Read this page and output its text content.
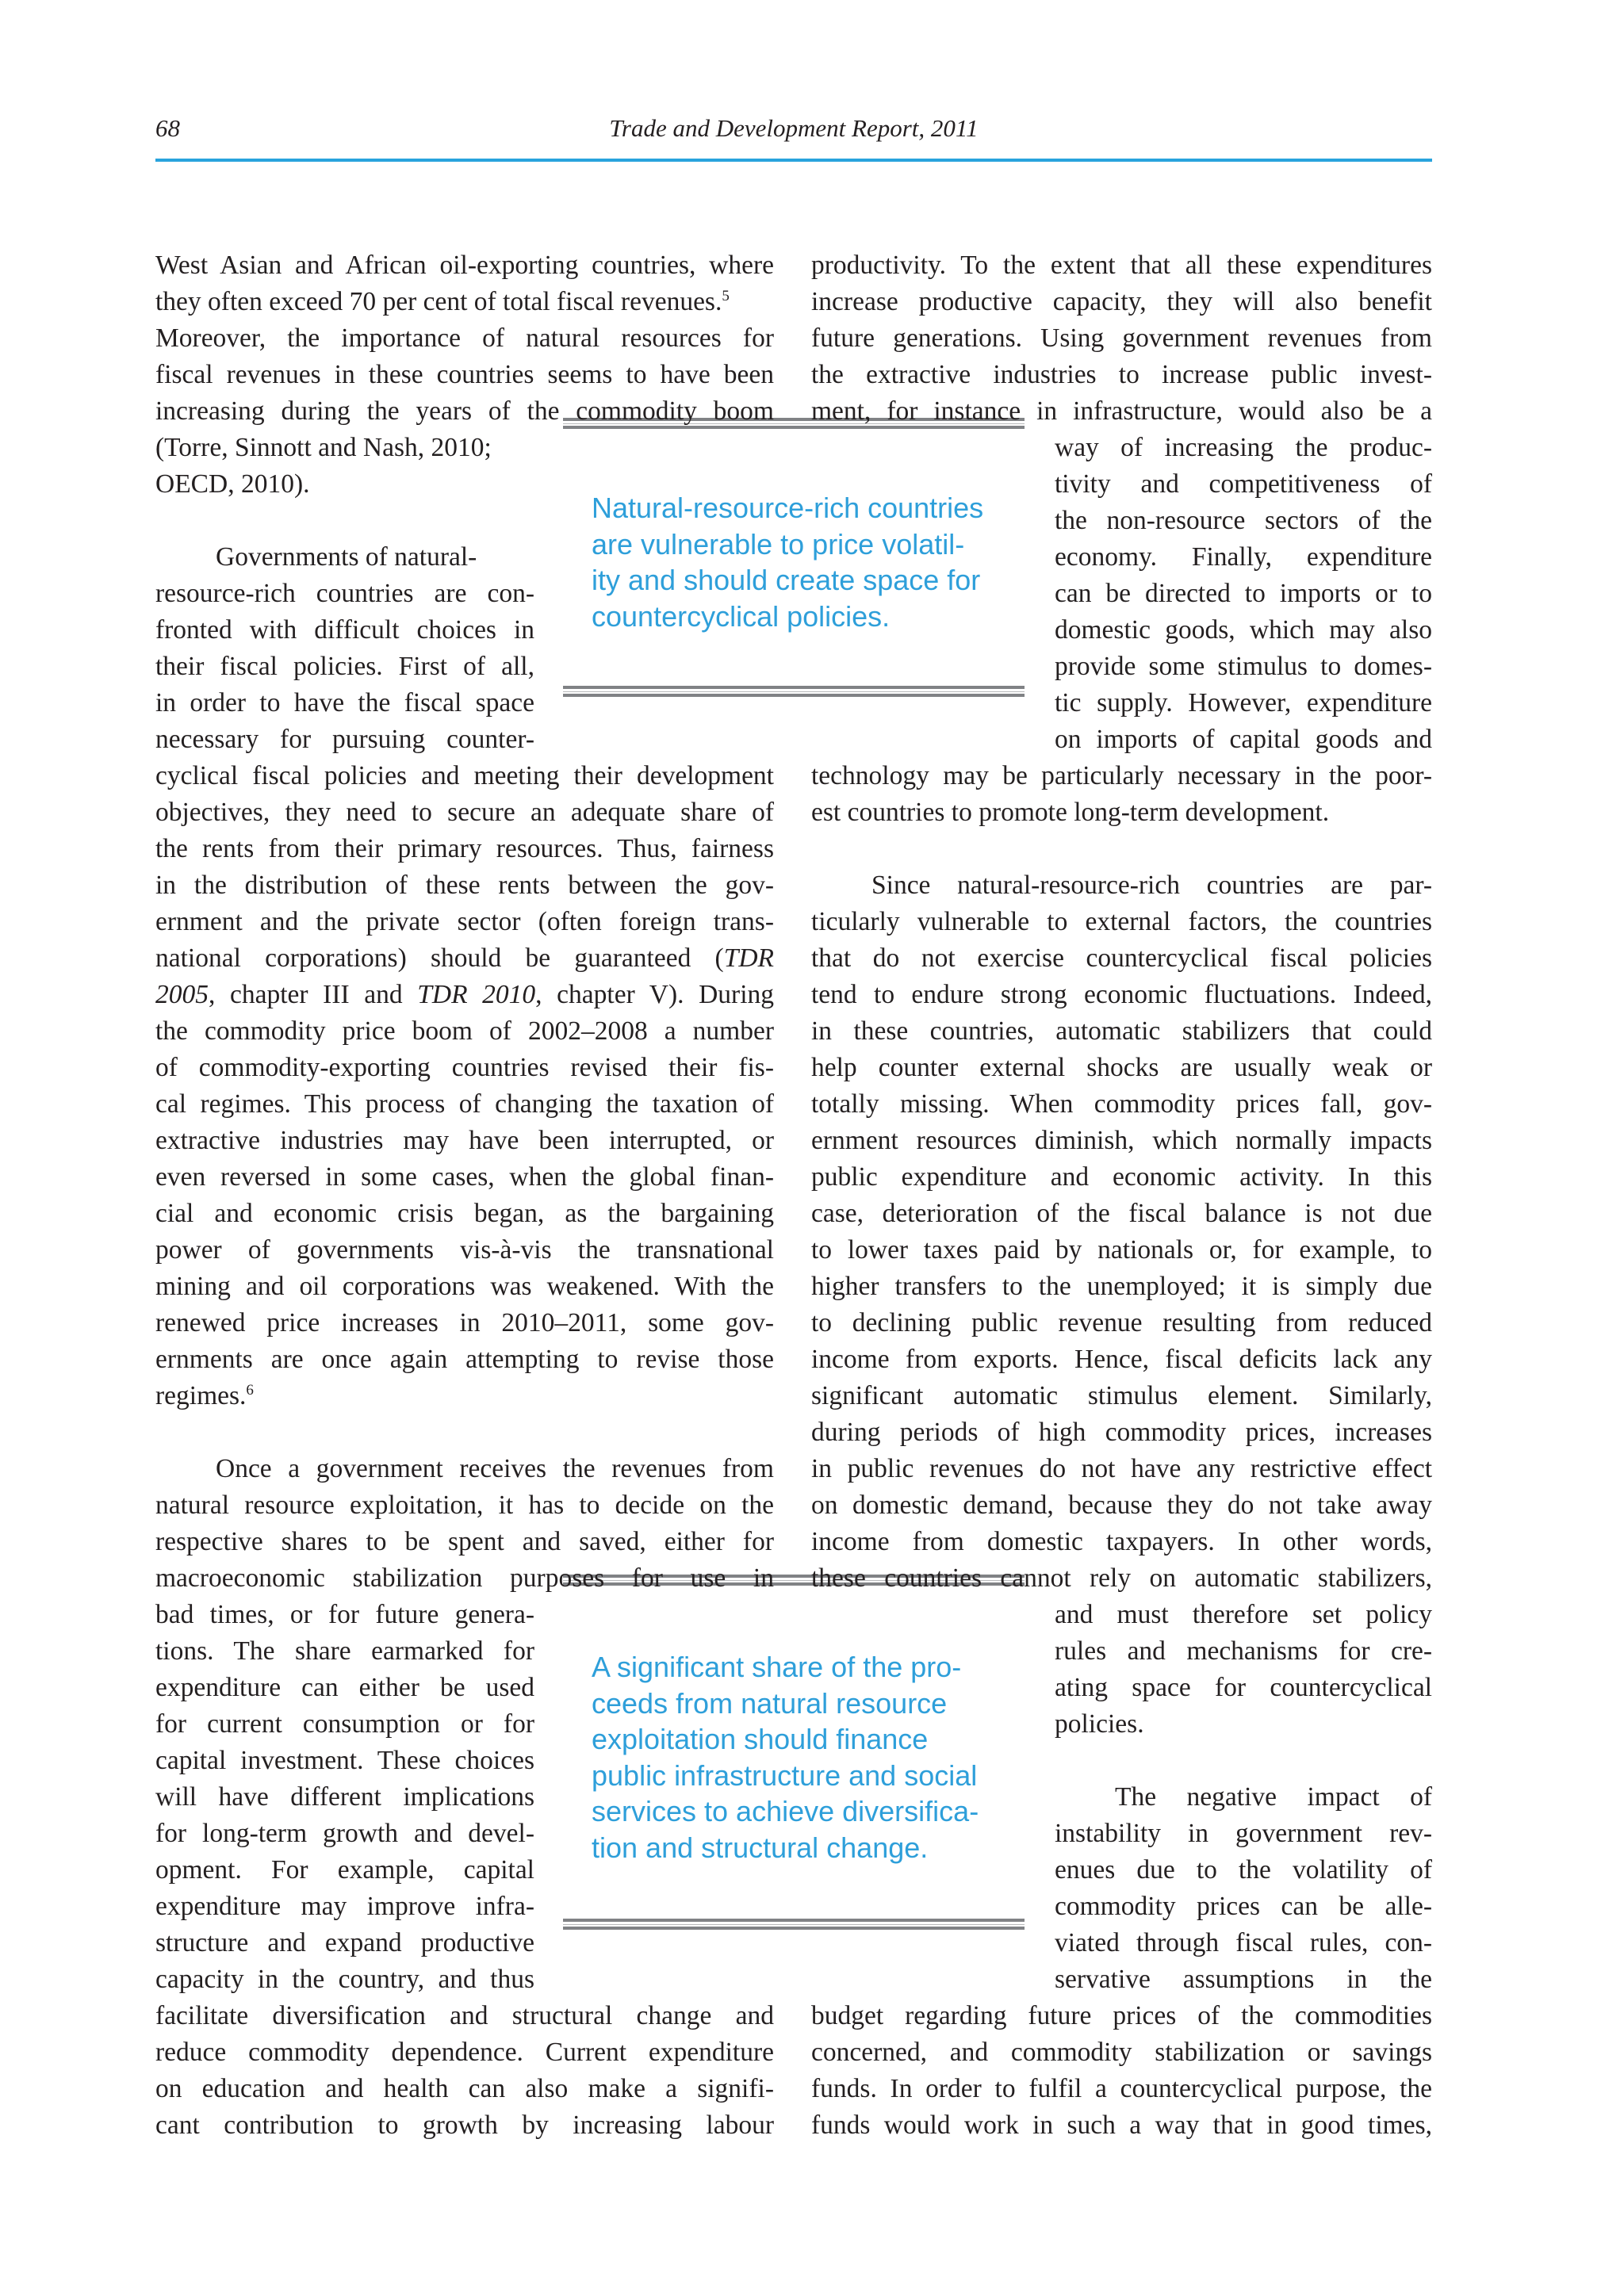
68	Trade and Development Report, 2011
Natural-resource-rich countries
are vulnerable to price volatil-
ity and should create space for
countercyclical policies.
A significant share of the pro-
ceeds from natural resource
exploitation should finance
public infrastructure and social
services to achieve diversifica-
tion and structural change.
West Asian and African oil-exporting countries, where
they often exceed 70 per cent of total fiscal revenues.$^5$
Moreover, the importance of natural resources for
fiscal revenues in these countries seems to have been
increasing during the years of the commodity boom
(Torre, Sinnott and Nash, 2010;
OECD, 2010).
Governments of natural-
resource-rich countries are con-
fronted with difficult choices in
their fiscal policies. First of all,
in order to have the fiscal space
necessary for pursuing counter-
cyclical fiscal policies and meeting their development
objectives, they need to secure an adequate share of
the rents from their primary resources. Thus, fairness
in the distribution of these rents between the gov-
ernment and the private sector (often foreign trans-
national corporations) should be guaranteed (TDR
2005, chapter III and TDR 2010, chapter V). During
the commodity price boom of 2002–2008 a number
of commodity-exporting countries revised their fis-
cal regimes. This process of changing the taxation of
extractive industries may have been interrupted, or
even reversed in some cases, when the global finan-
cial and economic crisis began, as the bargaining
power of governments vis-à-vis the transnational
mining and oil corporations was weakened. With the
renewed price increases in 2010–2011, some gov-
ernments are once again attempting to revise those
regimes.$^6$
Once a government receives the revenues from
natural resource exploitation, it has to decide on the
respective shares to be spent and saved, either for
macroeconomic stabilization purposes for use in
bad times, or for future genera-
tions. The share earmarked for
expenditure can either be used
for current consumption or for
capital investment. These choices
will have different implications
for long-term growth and devel-
opment. For example, capital
expenditure may improve infra-
structure and expand productive
capacity in the country, and thus
facilitate diversification and structural change and
reduce commodity dependence. Current expenditure
on education and health can also make a signifi-
cant contribution to growth by increasing labour
productivity. To the extent that all these expenditures
increase productive capacity, they will also benefit
future generations. Using government revenues from
the extractive industries to increase public invest-
ment, for instance in infrastructure, would also be a
way of increasing the produc-
tivity and competitiveness of
the non-resource sectors of the
economy. Finally, expenditure
can be directed to imports or to
domestic goods, which may also
provide some stimulus to domes-
tic supply. However, expenditure
on imports of capital goods and
technology may be particularly necessary in the poor-
est countries to promote long-term development.
Since natural-resource-rich countries are par-
ticularly vulnerable to external factors, the countries
that do not exercise countercyclical fiscal policies
tend to endure strong economic fluctuations. Indeed,
in these countries, automatic stabilizers that could
help counter external shocks are usually weak or
totally missing. When commodity prices fall, gov-
ernment resources diminish, which normally impacts
public expenditure and economic activity. In this
case, deterioration of the fiscal balance is not due
to lower taxes paid by nationals or, for example, to
higher transfers to the unemployed; it is simply due
to declining public revenue resulting from reduced
income from exports. Hence, fiscal deficits lack any
significant automatic stimulus element. Similarly,
during periods of high commodity prices, increases
in public revenues do not have any restrictive effect
on domestic demand, because they do not take away
income from domestic taxpayers. In other words,
these countries cannot rely on automatic stabilizers,
and must therefore set policy
rules and mechanisms for cre-
ating space for countercyclical
policies.
The negative impact of
instability in government rev-
enues due to the volatility of
commodity prices can be alle-
viated through fiscal rules, con-
servative assumptions in the
budget regarding future prices of the commodities
concerned, and commodity stabilization or savings
funds. In order to fulfil a countercyclical purpose, the
funds would work in such a way that in good times,
